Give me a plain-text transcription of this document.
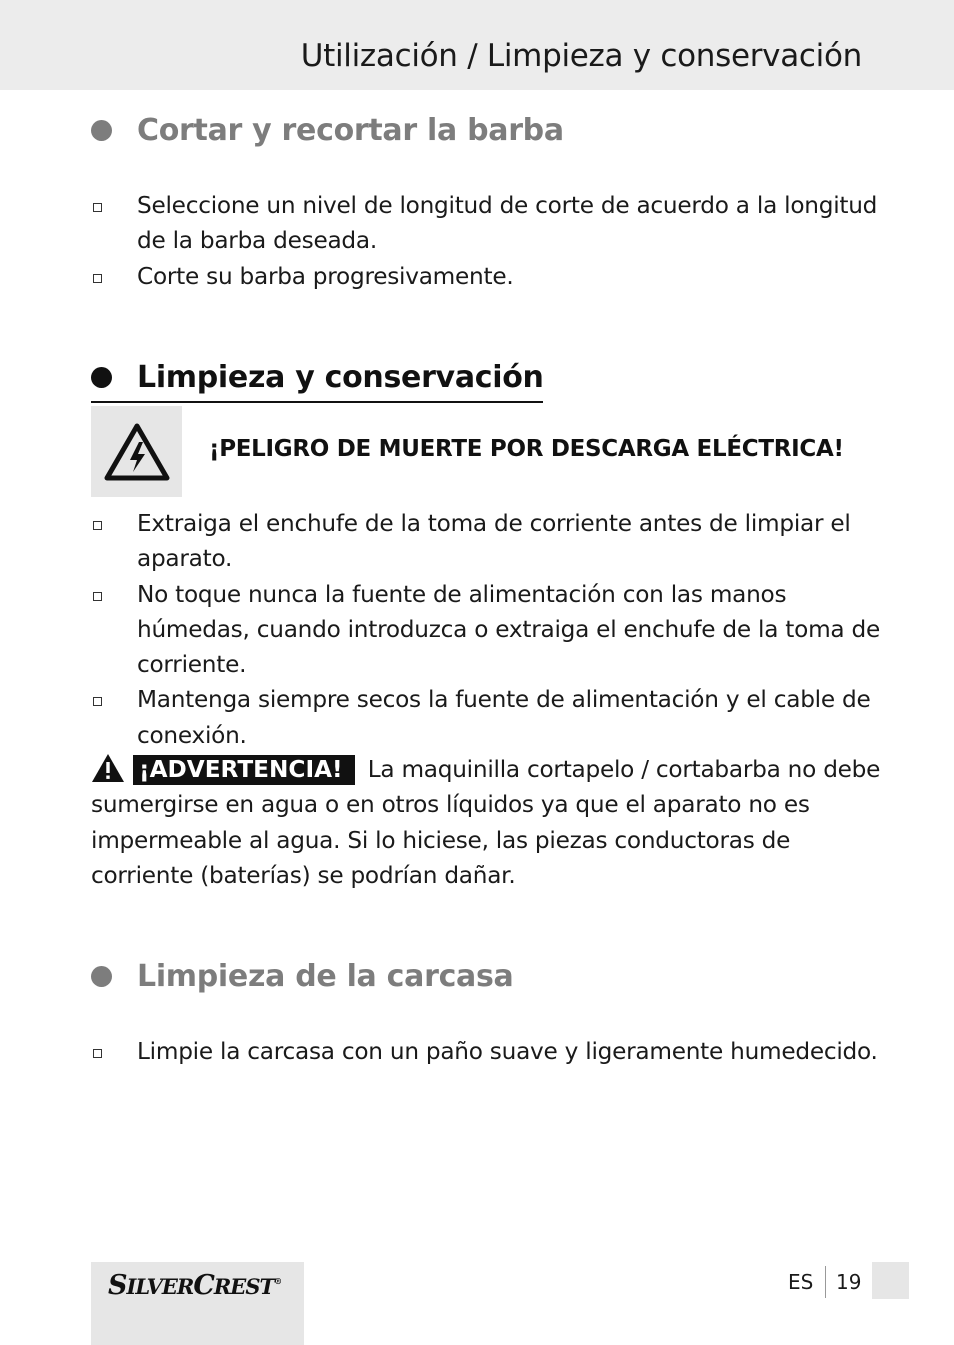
Utilización / Limpieza y conservación
Cortar y recortar la barba
Seleccione un nivel de longitud de corte de acuerdo a la longitud de la barba deseada.
Corte su barba progresivamente.
Limpieza y conservación
¡PELIGRO DE MUERTE POR DESCARGA ELÉCTRICA!
Extraiga el enchufe de la toma de corriente antes de limpiar el aparato.
No toque nunca la fuente de alimentación con las manos húmedas, cuando introduzca o extraiga el enchufe de la toma de corriente.
Mantenga siempre secos la fuente de alimentación y el cable de conexión.
¡ADVERTENCIA! La maquinilla cortapelo / cortabarba no debe sumergirse en agua o en otros líquidos ya que el aparato no es impermeable al agua. Si lo hiciese, las piezas conductoras de corriente (baterías) se podrían dañar.
Limpieza de la carcasa
Limpie la carcasa con un paño suave y ligeramente humedecido.
SILVERCREST®	ES 19
